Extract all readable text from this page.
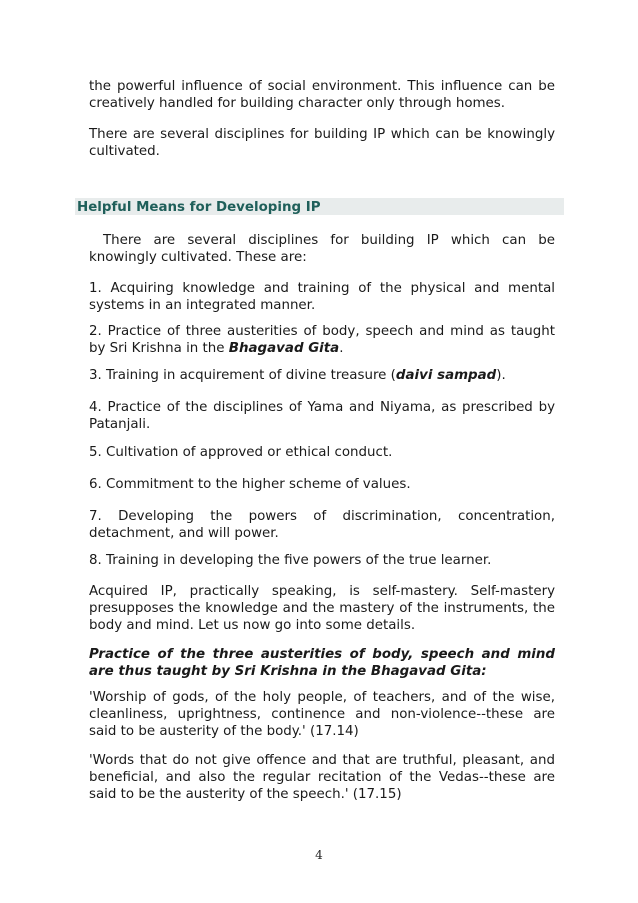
the powerful influence of social environment. This influence can be creatively handled for building character only through homes.

There are several disciplines for building IP which can be knowingly cultivated.

Helpful Means for Developing IP

There are several disciplines for building IP which can be knowingly cultivated. These are:

1. Acquiring knowledge and training of the physical and mental systems in an integrated manner.

2. Practice of three austerities of body, speech and mind as taught by Sri Krishna in the Bhagavad Gita.

3. Training in acquirement of divine treasure (daivi sampad).

4. Practice of the disciplines of Yama and Niyama, as prescribed by Patanjali.

5. Cultivation of approved or ethical conduct.

6. Commitment to the higher scheme of values.

7. Developing the powers of discrimination, concentration, detachment, and will power.

8. Training in developing the five powers of the true learner.

Acquired IP, practically speaking, is self-mastery. Self-mastery presupposes the knowledge and the mastery of the instruments, the body and mind. Let us now go into some details.

Practice of the three austerities of body, speech and mind are thus taught by Sri Krishna in the Bhagavad Gita:

'Worship of gods, of the holy people, of teachers, and of the wise, cleanliness, uprightness, continence and non-violence--these are said to be austerity of the body.' (17.14)

'Words that do not give offence and that are truthful, pleasant, and beneficial, and also the regular recitation of the Vedas--these are said to be the austerity of the speech.' (17.15)

4
